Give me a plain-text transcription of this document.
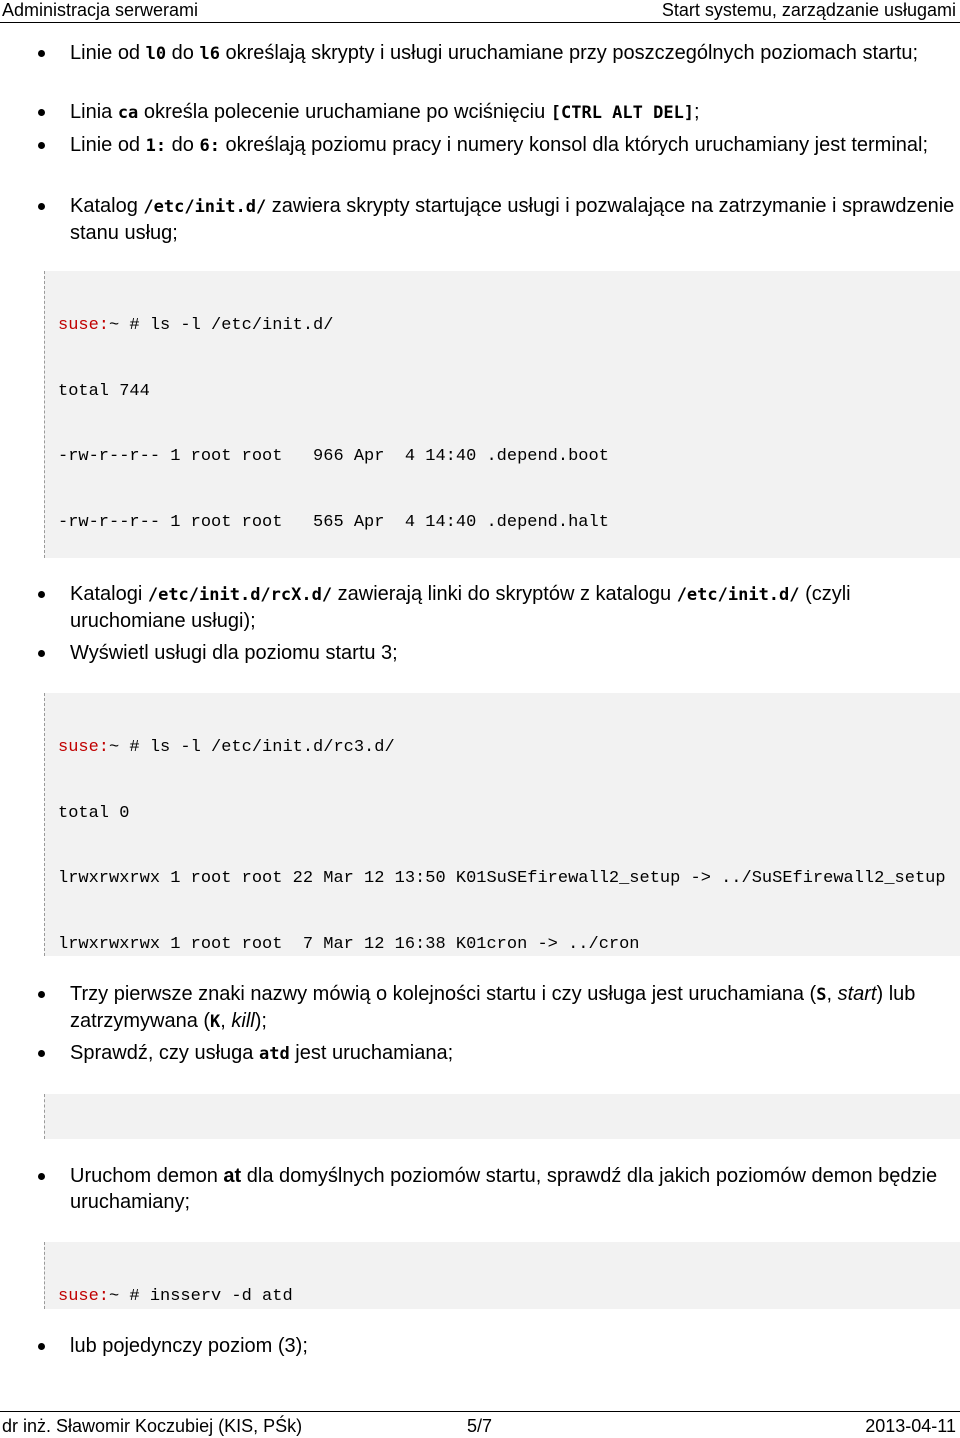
Administracja serwerami	Start systemu, zarządzanie usługami
Linie od l0 do l6 określają skrypty i usługi uruchamiane przy poszczególnych poziomach startu;
Linia ca określa polecenie uruchamiane po wciśnięciu [CTRL ALT DEL];
Linie od 1: do 6: określają poziomu pracy i numery konsol dla których uruchamiany jest terminal;
Katalog /etc/init.d/ zawiera skrypty startujące usługi i pozwalające na zatrzymanie i sprawdzenie stanu usług;

suse:~ # ls -l /etc/init.d/

total 744

-rw-r--r-- 1 root root   966 Apr  4 14:40 .depend.boot

-rw-r--r-- 1 root root   565 Apr  4 14:40 .depend.halt

Katalogi /etc/init.d/rcX.d/ zawierają linki do skryptów z katalogu /etc/init.d/ (czyli uruchomiane usługi);
Wyświetl usługi dla poziomu startu 3;

suse:~ # ls -l /etc/init.d/rc3.d/

total 0

lrwxrwxrwx 1 root root 22 Mar 12 13:50 K01SuSEfirewall2_setup -> ../SuSEfirewall2_setup

lrwxrwxrwx 1 root root  7 Mar 12 16:38 K01cron -> ../cron

Trzy pierwsze znaki nazwy mówią o kolejności startu i czy usługa jest uruchamiana (S, start) lub zatrzymywana (K, kill);
Sprawdź, czy usługa atd jest uruchamiana;

Uruchom demon at dla domyślnych poziomów startu, sprawdź dla jakich poziomów demon będzie uruchamiany;

suse:~ # insserv -d atd

lub pojedynczy poziom (3);
dr inż. Sławomir Koczubiej (KIS, PŚk)	5/7	2013-04-11
